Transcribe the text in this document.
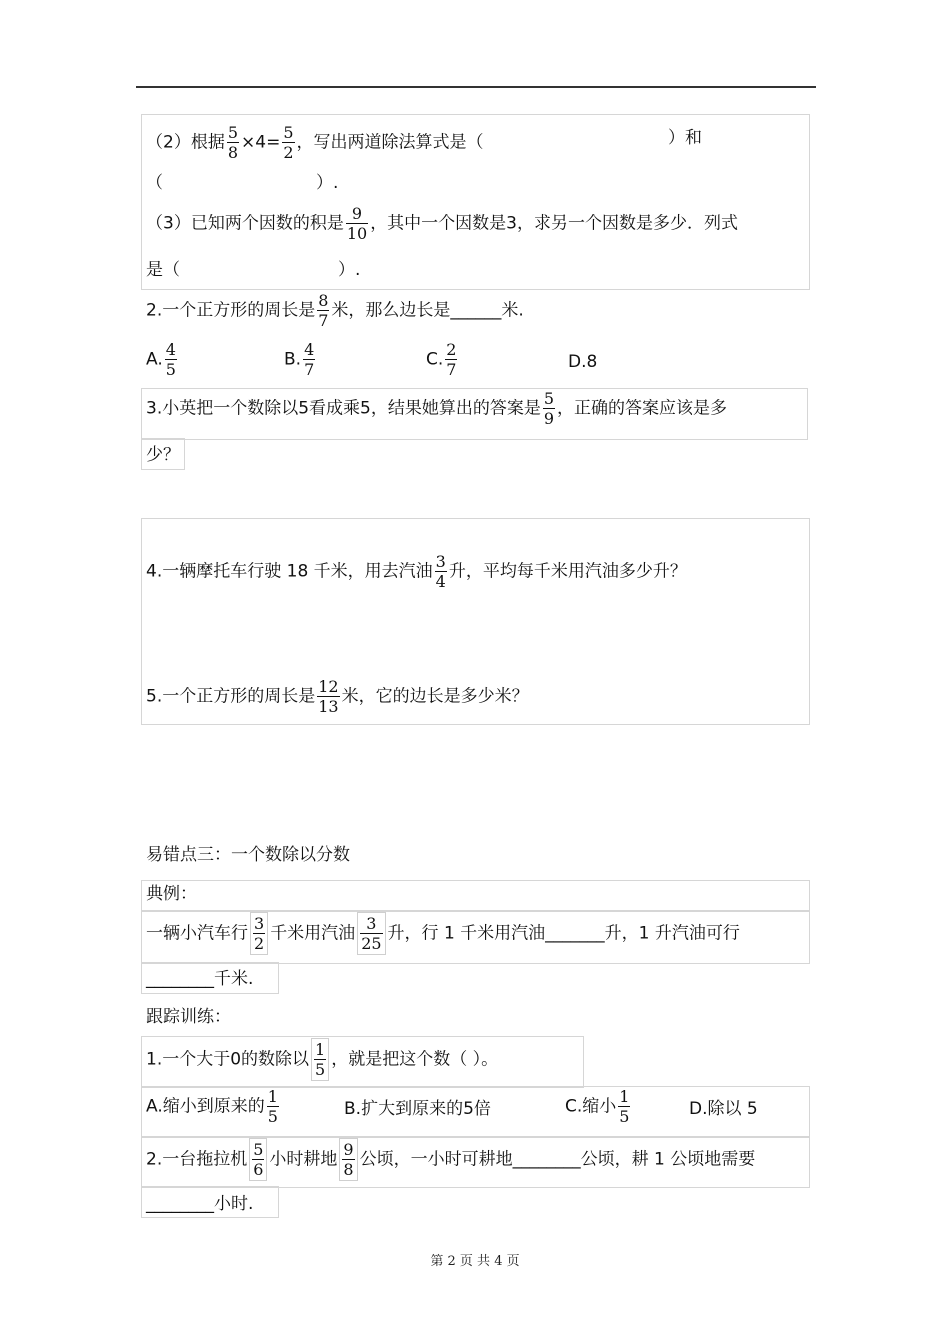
（2）根据 $\frac{5}{8} \times 4= \frac{5}{2}$ ，写出两道除法算式是（	）和
（	）.
（3）已知两个因数的积是 $\frac{9}{10}$ ，其中一个因数是3，求另一个因数是多少．列式
是（	）.
2.一个正方形的周长是 $\frac{8}{7}$ 米，那么边长是______米.
A. $\frac{4}{5}$	B. $\frac{4}{7}$	C. $\frac{2}{7}$	D.8
3.小英把一个数除以5看成乘5，结果她算出的答案是 $\frac{5}{9}$ ，正确的答案应该是多
少？
4.一辆摩托车行驶 18 千米，用去汽油 $\frac{3}{4}$ 升，平均每千米用汽油多少升？
5.一个正方形的周长是 $\frac{12}{13}$ 米，它的边长是多少米？
易错点三：一个数除以分数
典例：
一辆小汽车行 $\frac{3}{2}$ 千米用汽油 $\frac{3}{25}$ 升，行 1 千米用汽油_______升，1 升汽油可行
________千米.
跟踪训练：
1.一个大于0的数除以 $\frac{1}{5}$ ，就是把这个数（ ）。
A.缩小到原来的 $\frac{1}{5}$	B.扩大到原来的5倍	C.缩小 $\frac{1}{5}$	D.除以 5
2.一台拖拉机 $\frac{5}{6}$ 小时耕地 $\frac{9}{8}$ 公顷，一小时可耕地________公顷，耕 1 公顷地需要
________小时.
第 2 页 共 4 页
